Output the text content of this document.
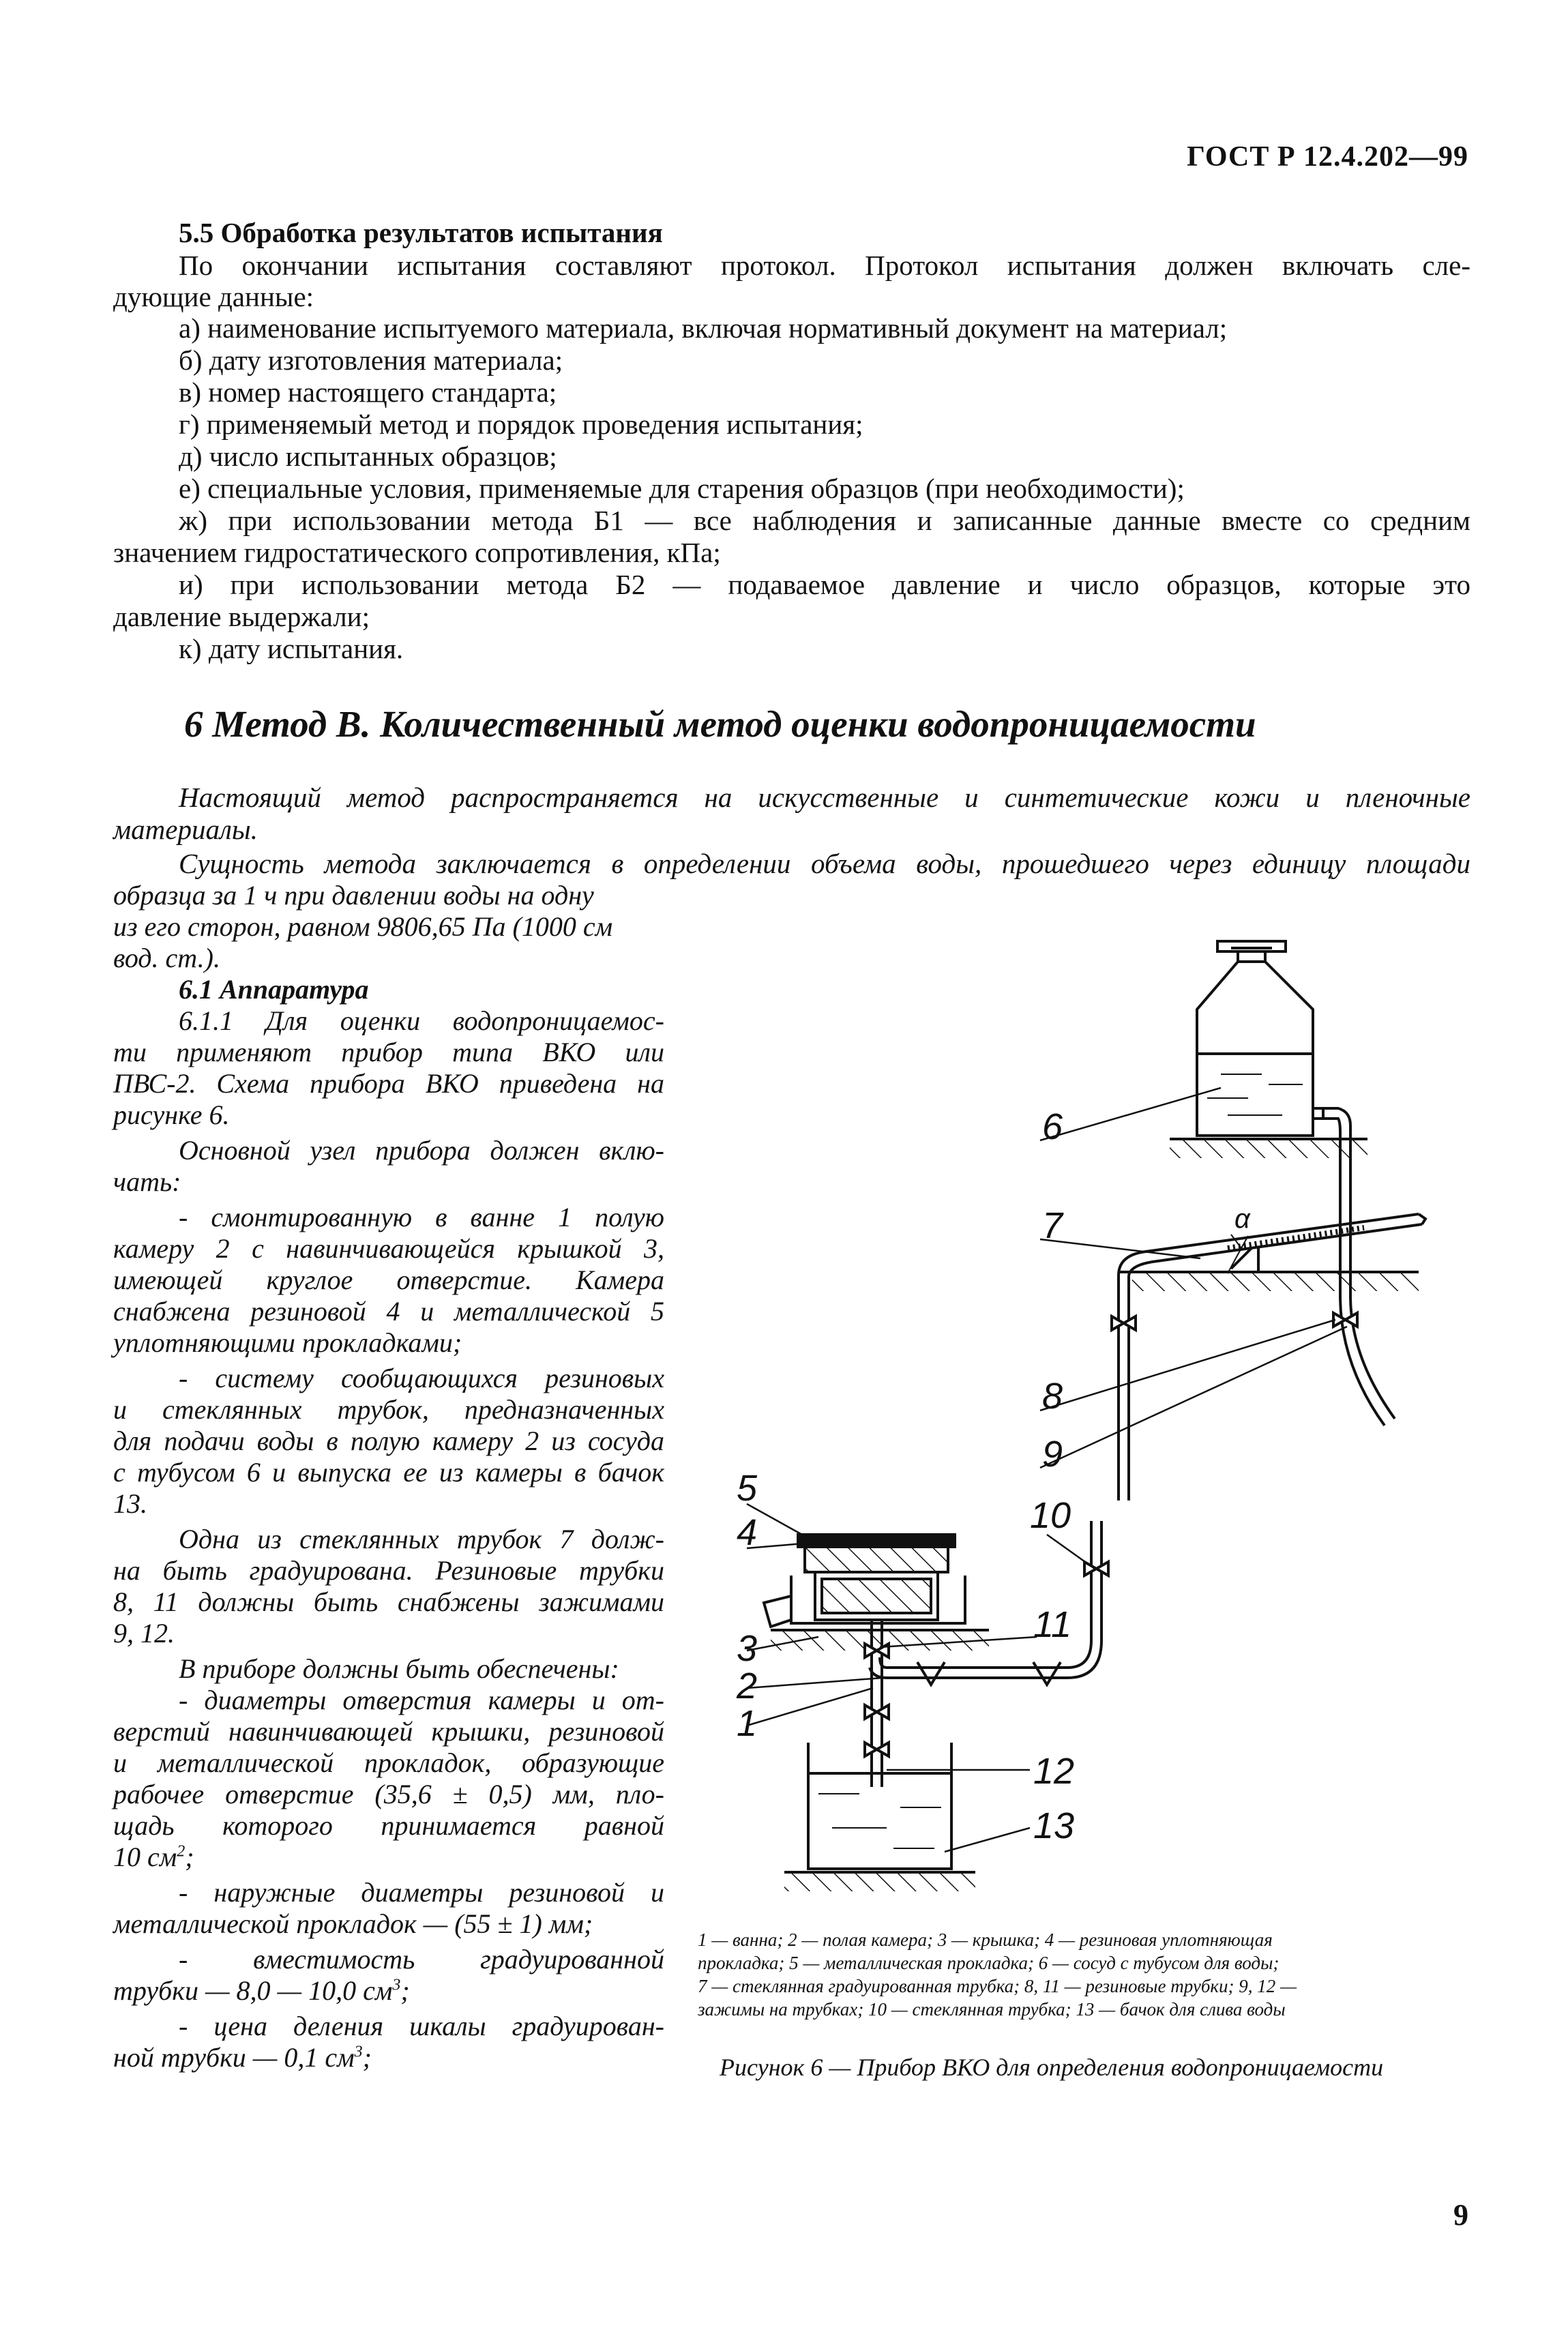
ГОСТ Р 12.4.202—99

5.5 Обработка результатов испытания

По окончании испытания составляют протокол. Протокол испытания должен включать сле-

дующие данные:

а) наименование испытуемого материала, включая нормативный документ на материал;

б) дату изготовления материала;

в) номер настоящего стандарта;

г) применяемый метод и порядок проведения испытания;

д) число испытанных образцов;

е) специальные условия, применяемые для старения образцов (при необходимости);

ж) при использовании метода Б1 — все наблюдения и записанные данные вместе со средним

значением гидростатического сопротивления, кПа;

и) при использовании метода Б2 — подаваемое давление и число образцов, которые это

давление выдержали;

к) дату испытания.

6 Метод В. Количественный метод оценки водопроницаемости

Настоящий метод распространяется на искусственные и синтетические кожи и пленочные

материалы.

Сущность метода заключается в определении объема воды, прошедшего через единицу площади

образца за 1 ч при давлении воды на одну

из его сторон, равном 9806,65 Па (1000 см

вод. ст.).

6.1 Аппаратура

6.1.1 Для оценки водопроницаемос-

ти применяют прибор типа ВКО или

ПВС-2. Схема прибора ВКО приведена на

рисунке 6.

Основной узел прибора должен вклю-

чать:

- смонтированную в ванне 1 полую

камеру 2 с навинчивающейся крышкой 3,

имеющей круглое отверстие. Камера

снабжена резиновой 4 и металлической 5

уплотняющими прокладками;

- систему сообщающихся резиновых

и стеклянных трубок, предназначенных

для подачи воды в полую камеру 2 из сосуда

с тубусом 6 и выпуска ее из камеры в бачок

13.

Одна из стеклянных трубок 7 долж-

на быть градуирована. Резиновые трубки

8, 11 должны быть снабжены зажимами

9, 12.

В приборе должны быть обеспечены:

- диаметры отверстия камеры и от-

верстий навинчивающей крышки, резиновой

и металлической прокладок, образующие

рабочее отверстие (35,6 ± 0,5) мм, пло-

щадь которого принимается равной

10 $см^2$;

- наружные диаметры резиновой и

металлической прокладок — (55 ± 1) мм;

- вместимость градуированной

трубки — 8,0 — 10,0 $см^3$;

- цена деления шкалы градуирован-

ной трубки — 0,1 $см^3$;

6
7
8
9
10
11
12
13
5
4
3
2
1
α

1 — ванна; 2 — полая камера; 3 — крышка; 4 — резиновая уплотняющая

прокладка; 5 — металлическая прокладка; 6 — сосуд с тубусом для воды;

7 — стеклянная градуированная трубка; 8, 11 — резиновые трубки; 9, 12 —

зажимы на трубках; 10 — стеклянная трубка; 13 — бачок для слива воды

Рисунок 6 — Прибор ВКО для определения водопроницаемости
9
